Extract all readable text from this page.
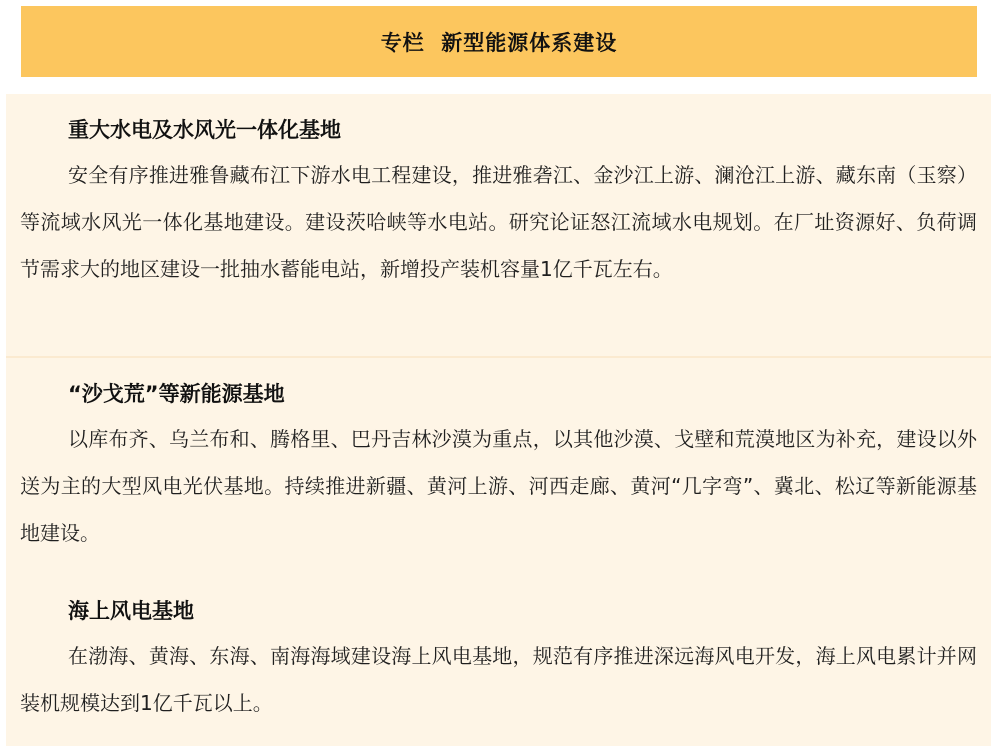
专栏  新型能源体系建设
重大水电及水风光一体化基地

安全有序推进雅鲁藏布江下游水电工程建设，推进雅砻江、金沙江上游、澜沧江上游、藏东南（玉察）等流域水风光一体化基地建设。建设茨哈峡等水电站。研究论证怒江流域水电规划。在厂址资源好、负荷调节需求大的地区建设一批抽水蓄能电站，新增投产装机容量1亿千瓦左右。

“沙戈荒”等新能源基地

以库布齐、乌兰布和、腾格里、巴丹吉林沙漠为重点，以其他沙漠、戈壁和荒漠地区为补充，建设以外送为主的大型风电光伏基地。持续推进新疆、黄河上游、河西走廊、黄河“几字弯”、冀北、松辽等新能源基地建设。

海上风电基地

在渤海、黄海、东海、南海海域建设海上风电基地，规范有序推进深远海风电开发，海上风电累计并网装机规模达到1亿千瓦以上。
